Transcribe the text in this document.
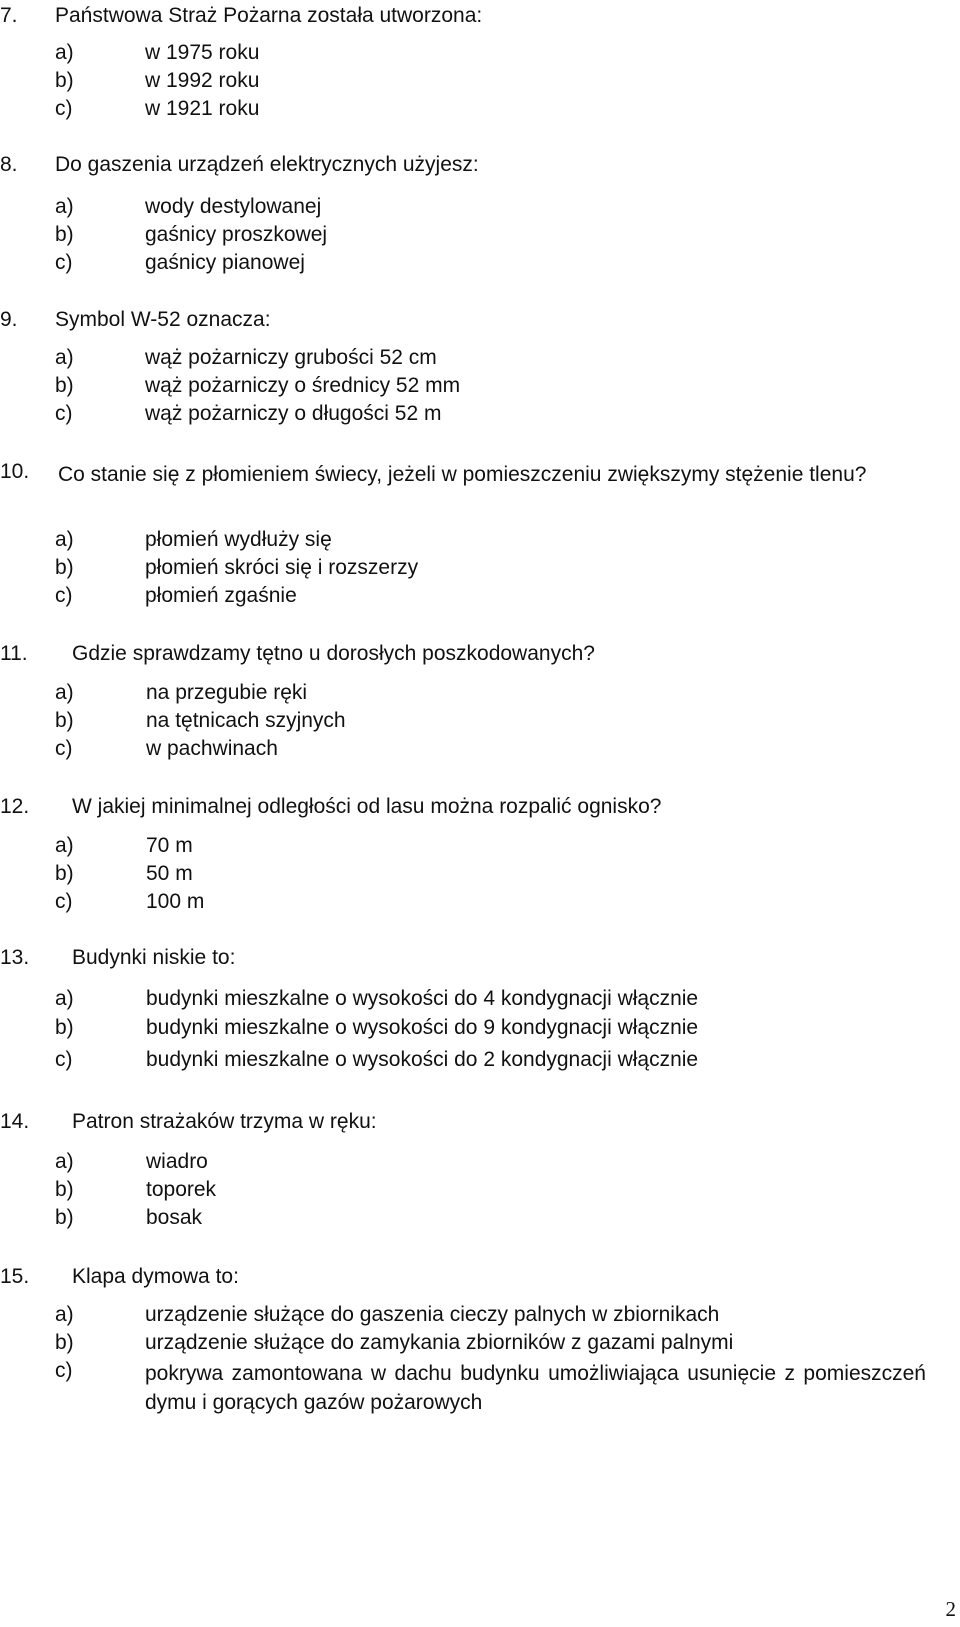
7. Państwowa Straż Pożarna została utworzona:
a)	w 1975 roku
b)	w 1992 roku
c)	w 1921 roku
8. Do gaszenia urządzeń elektrycznych użyjesz:
a)	wody destylowanej
b)	gaśnicy proszkowej
c)	gaśnicy pianowej
9. Symbol W-52 oznacza:
a)	wąż pożarniczy grubości 52 cm
b)	wąż pożarniczy o średnicy 52 mm
c)	wąż pożarniczy o długości 52 m
10. Co stanie się z płomieniem świecy, jeżeli w pomieszczeniu zwiększymy stężenie tlenu?
a)	płomień wydłuży się
b)	płomień skróci się i rozszerzy
c)	płomień zgaśnie
11. Gdzie sprawdzamy tętno u dorosłych poszkodowanych?
a)	na przegubie ręki
b)	na tętnicach szyjnych
c)	w pachwinach
12. W jakiej minimalnej odległości od lasu można rozpalić ognisko?
a)	70 m
b)	50 m
c)	100 m
13. Budynki niskie to:
a)	budynki mieszkalne o wysokości do 4 kondygnacji włącznie
b)	budynki mieszkalne o wysokości do 9 kondygnacji włącznie
c)	budynki mieszkalne o wysokości do 2 kondygnacji włącznie
14. Patron strażaków trzyma w ręku:
a)	wiadro
b)	toporek
b)	bosak
15. Klapa dymowa to:
a)	urządzenie służące do gaszenia cieczy palnych w zbiornikach
b)	urządzenie służące do zamykania zbiorników z gazami palnymi
c)	pokrywa zamontowana w dachu budynku umożliwiająca usunięcie z pomieszczeń dymu i gorących gazów pożarowych
2
